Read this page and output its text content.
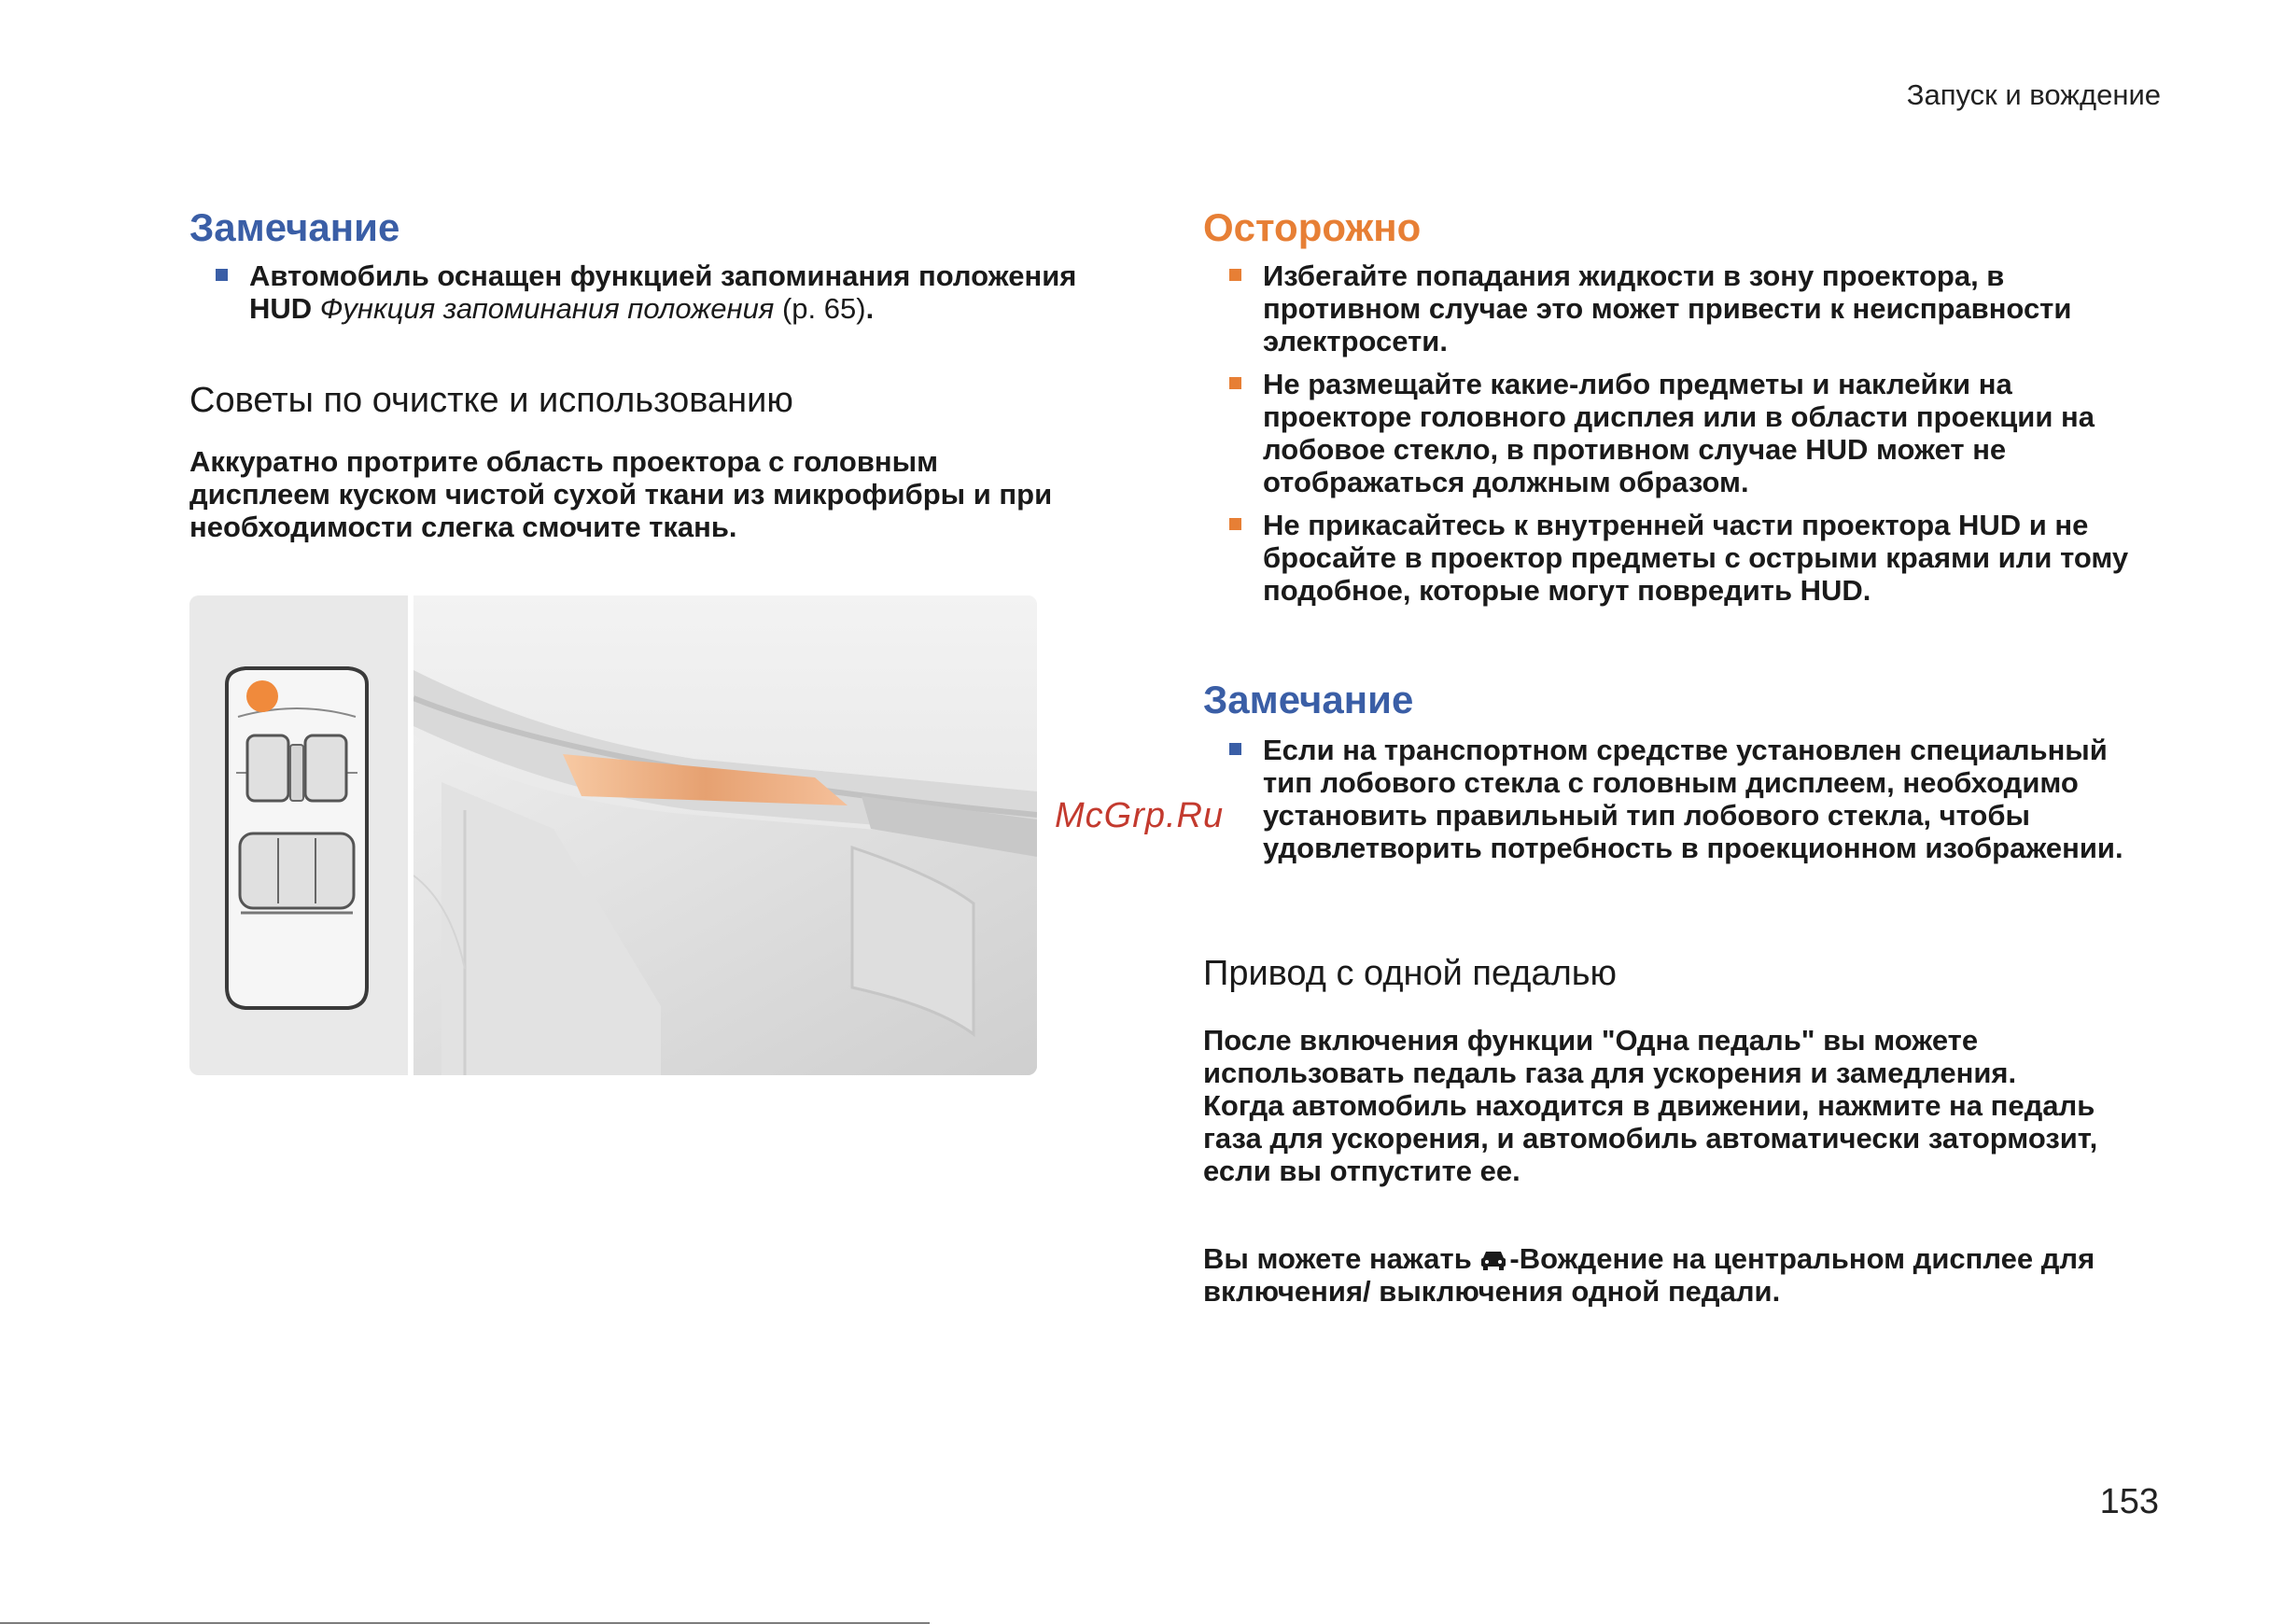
Запуск и вождение
Замечание
Автомобиль оснащен функцией запоминания положения HUD Функция запоминания положения (p. 65).
Советы по очистке и использованию

Аккуратно протрите область проектора с головным дисплеем куском чистой сухой ткани из микрофибры и при необходимости слегка смочите ткань.

Осторожно
Избегайте попадания жидкости в зону проектора, в противном случае это может привести к неисправности электросети.
Не размещайте какие-либо предметы и наклейки на проекторе головного дисплея или в области проекции на лобовое стекло, в противном случае HUD может не отображаться должным образом.
Не прикасайтесь к внутренней части проектора HUD и не бросайте в проектор предметы с острыми краями или тому подобное, которые могут повредить HUD.
Замечание
Если на транспортном средстве установлен специальный тип лобового стекла с головным дисплеем, необходимо установить правильный тип лобового стекла, чтобы удовлетворить потребность в проекционном изображении.
McGrp.Ru
Привод с одной педалью

После включения функции "Одна педаль" вы можете использовать педаль газа для ускорения и замедления. Когда автомобиль находится в движении, нажмите на педаль газа для ускорения, и автомобиль автоматически затормозит, если вы отпустите ее.

Вы можете нажать -Вождение на центральном дисплее для включения/ выключения одной педали.

153
